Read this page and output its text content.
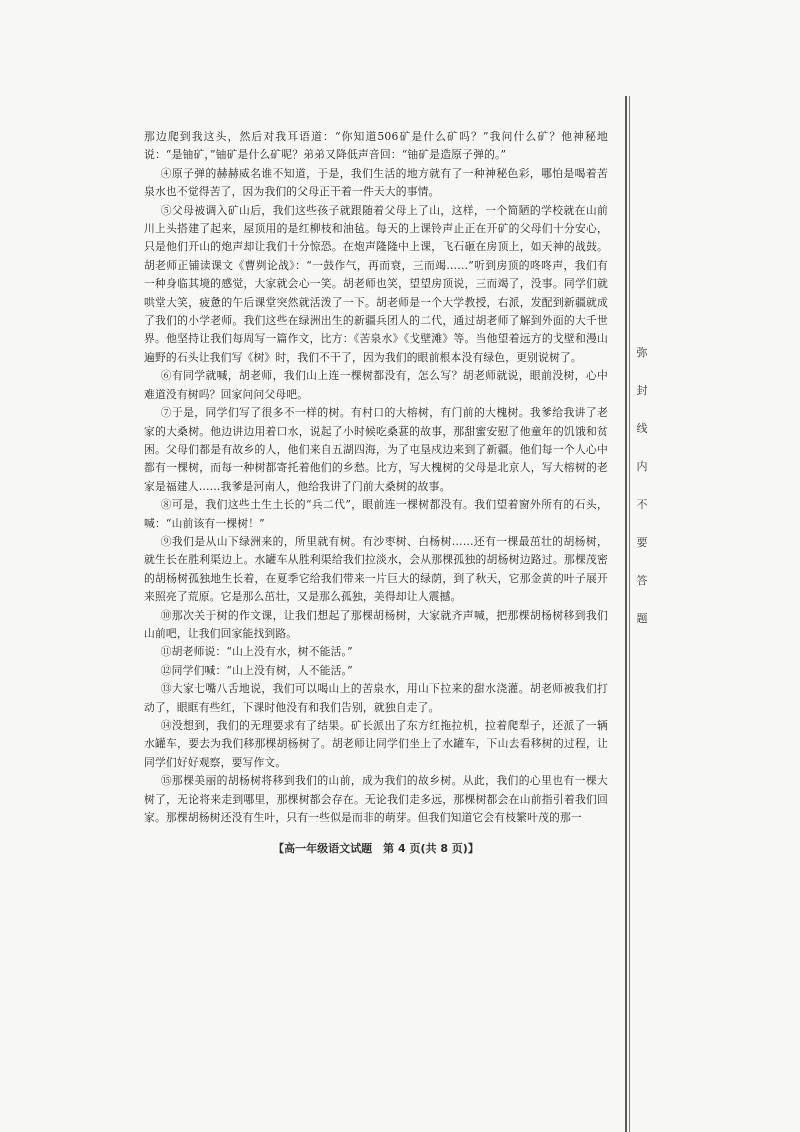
那边爬到我这头，然后对我耳语道：“你知道506矿是什么矿吗？”我问什么矿？他神秘地说：“是铀矿，”铀矿是什么矿呢？弟弟又降低声音回：“铀矿是造原子弹的。”

④原子弹的赫赫威名谁不知道，于是，我们生活的地方就有了一种神秘色彩，哪怕是喝着苦泉水也不觉得苦了，因为我们的父母正干着一件天大的事情。

⑤父母被调入矿山后，我们这些孩子就跟随着父母上了山，这样，一个简陋的学校就在山前川上头搭建了起来，屋顶用的是红柳枝和油毡。每天的上课铃声止正在开矿的父母们十分安心，只是他们开山的炮声却让我们十分惊恐。在炮声隆隆中上课，飞石砸在房顶上，如天神的战鼓。胡老师正铺读课文《曹刿论战》：“一鼓作气，再而衰，三而竭……”听到房顶的咚咚声，我们有一种身临其境的感觉，大家就会心一笑。胡老师也笑，望望房顶说，三而竭了，没事。同学们就哄堂大笑，疲惫的午后课堂突然就活泼了一下。胡老师是一个大学教授，右派，发配到新疆就成了我们的小学老师。我们这些在绿洲出生的新疆兵团人的二代，通过胡老师了解到外面的大千世界。他坚持让我们每周写一篇作文，比方：《苦泉水》《戈壁滩》等。当他望着远方的戈壁和漫山遍野的石头让我们写《树》时，我们不干了，因为我们的眼前根本没有绿色，更别说树了。

⑥有同学就喊，胡老师，我们山上连一棵树都没有，怎么写？胡老师就说，眼前没树，心中难道没有树吗？回家问问父母吧。

⑦于是，同学们写了很多不一样的树。有村口的大榕树，有门前的大槐树。我爹给我讲了老家的大桑树。他边讲边用着口水，说起了小时候吃桑葚的故事，那甜蜜安慰了他童年的饥饿和贫困。父母们都是有故乡的人，他们来自五湖四海，为了屯垦戍边来到了新疆。他们每一个人心中都有一棵树，而每一种树都寄托着他们的乡愁。比方，写大槐树的父母是北京人，写大榕树的老家是福建人……我爹是河南人，他给我讲了门前大桑树的故事。

⑧可是，我们这些土生土长的“兵二代”，眼前连一棵树都没有。我们望着窗外所有的石头，喊：“山前该有一棵树！”

⑨我们是从山下绿洲来的，所里就有树。有沙枣树、白杨树……还有一棵最茁壮的胡杨树，就生长在胜利渠边上。水罐车从胜利渠给我们拉淡水，会从那棵孤独的胡杨树边路过。那棵茂密的胡杨树孤独地生长着，在夏季它给我们带来一片巨大的绿荫，到了秋天，它那金黄的叶子展开来照亮了荒原。它是那么茁壮，又是那么孤独，美得却让人震撼。

⑩那次关于树的作文课，让我们想起了那棵胡杨树，大家就齐声喊，把那棵胡杨树移到我们山前吧，让我们回家能找到路。

⑪胡老师说：“山上没有水，树不能活。”

⑫同学们喊：“山上没有树，人不能活。”

⑬大家七嘴八舌地说，我们可以喝山上的苦泉水，用山下拉来的甜水浇灌。胡老师被我们打动了，眼眶有些红，下课时他没有和我们告别，就独自走了。

⑭没想到，我们的无理要求有了结果。矿长派出了东方红拖拉机，拉着爬犁子，还派了一辆水罐车，要去为我们移那棵胡杨树了。胡老师让同学们坐上了水罐车，下山去看移树的过程，让同学们好好观察，要写作文。

⑮那棵美丽的胡杨树将移到我们的山前，成为我们的故乡树。从此，我们的心里也有一棵大树了，无论将来走到哪里，那棵树都会存在。无论我们走多远，那棵树都会在山前指引着我们回家。那棵胡杨树还没有生叶，只有一些似是而非的萌芽。但我们知道它会有枝繁叶茂的那一

【高一年级语文试题　第 4 页(共 8 页)】
弥
封
线
内
不
要
答
题
